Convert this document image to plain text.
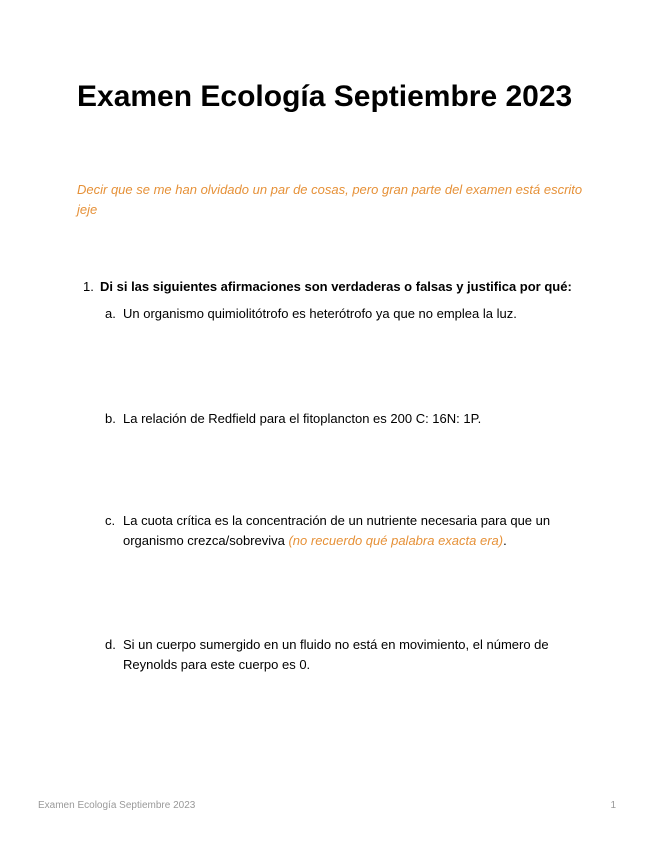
Examen Ecología Septiembre 2023

Decir que se me han olvidado un par de cosas, pero gran parte del examen está escrito jeje

1. Di si las siguientes afirmaciones son verdaderas o falsas y justifica por qué:
a. Un organismo quimiolitótrofo es heterótrofo ya que no emplea la luz.
b. La relación de Redfield para el fitoplancton es 200 C: 16N: 1P.
c. La cuota crítica es la concentración de un nutriente necesaria para que un organismo crezca/sobreviva (no recuerdo qué palabra exacta era).
d. Si un cuerpo sumergido en un fluido no está en movimiento, el número de Reynolds para este cuerpo es 0.
Examen Ecología Septiembre 2023	1
